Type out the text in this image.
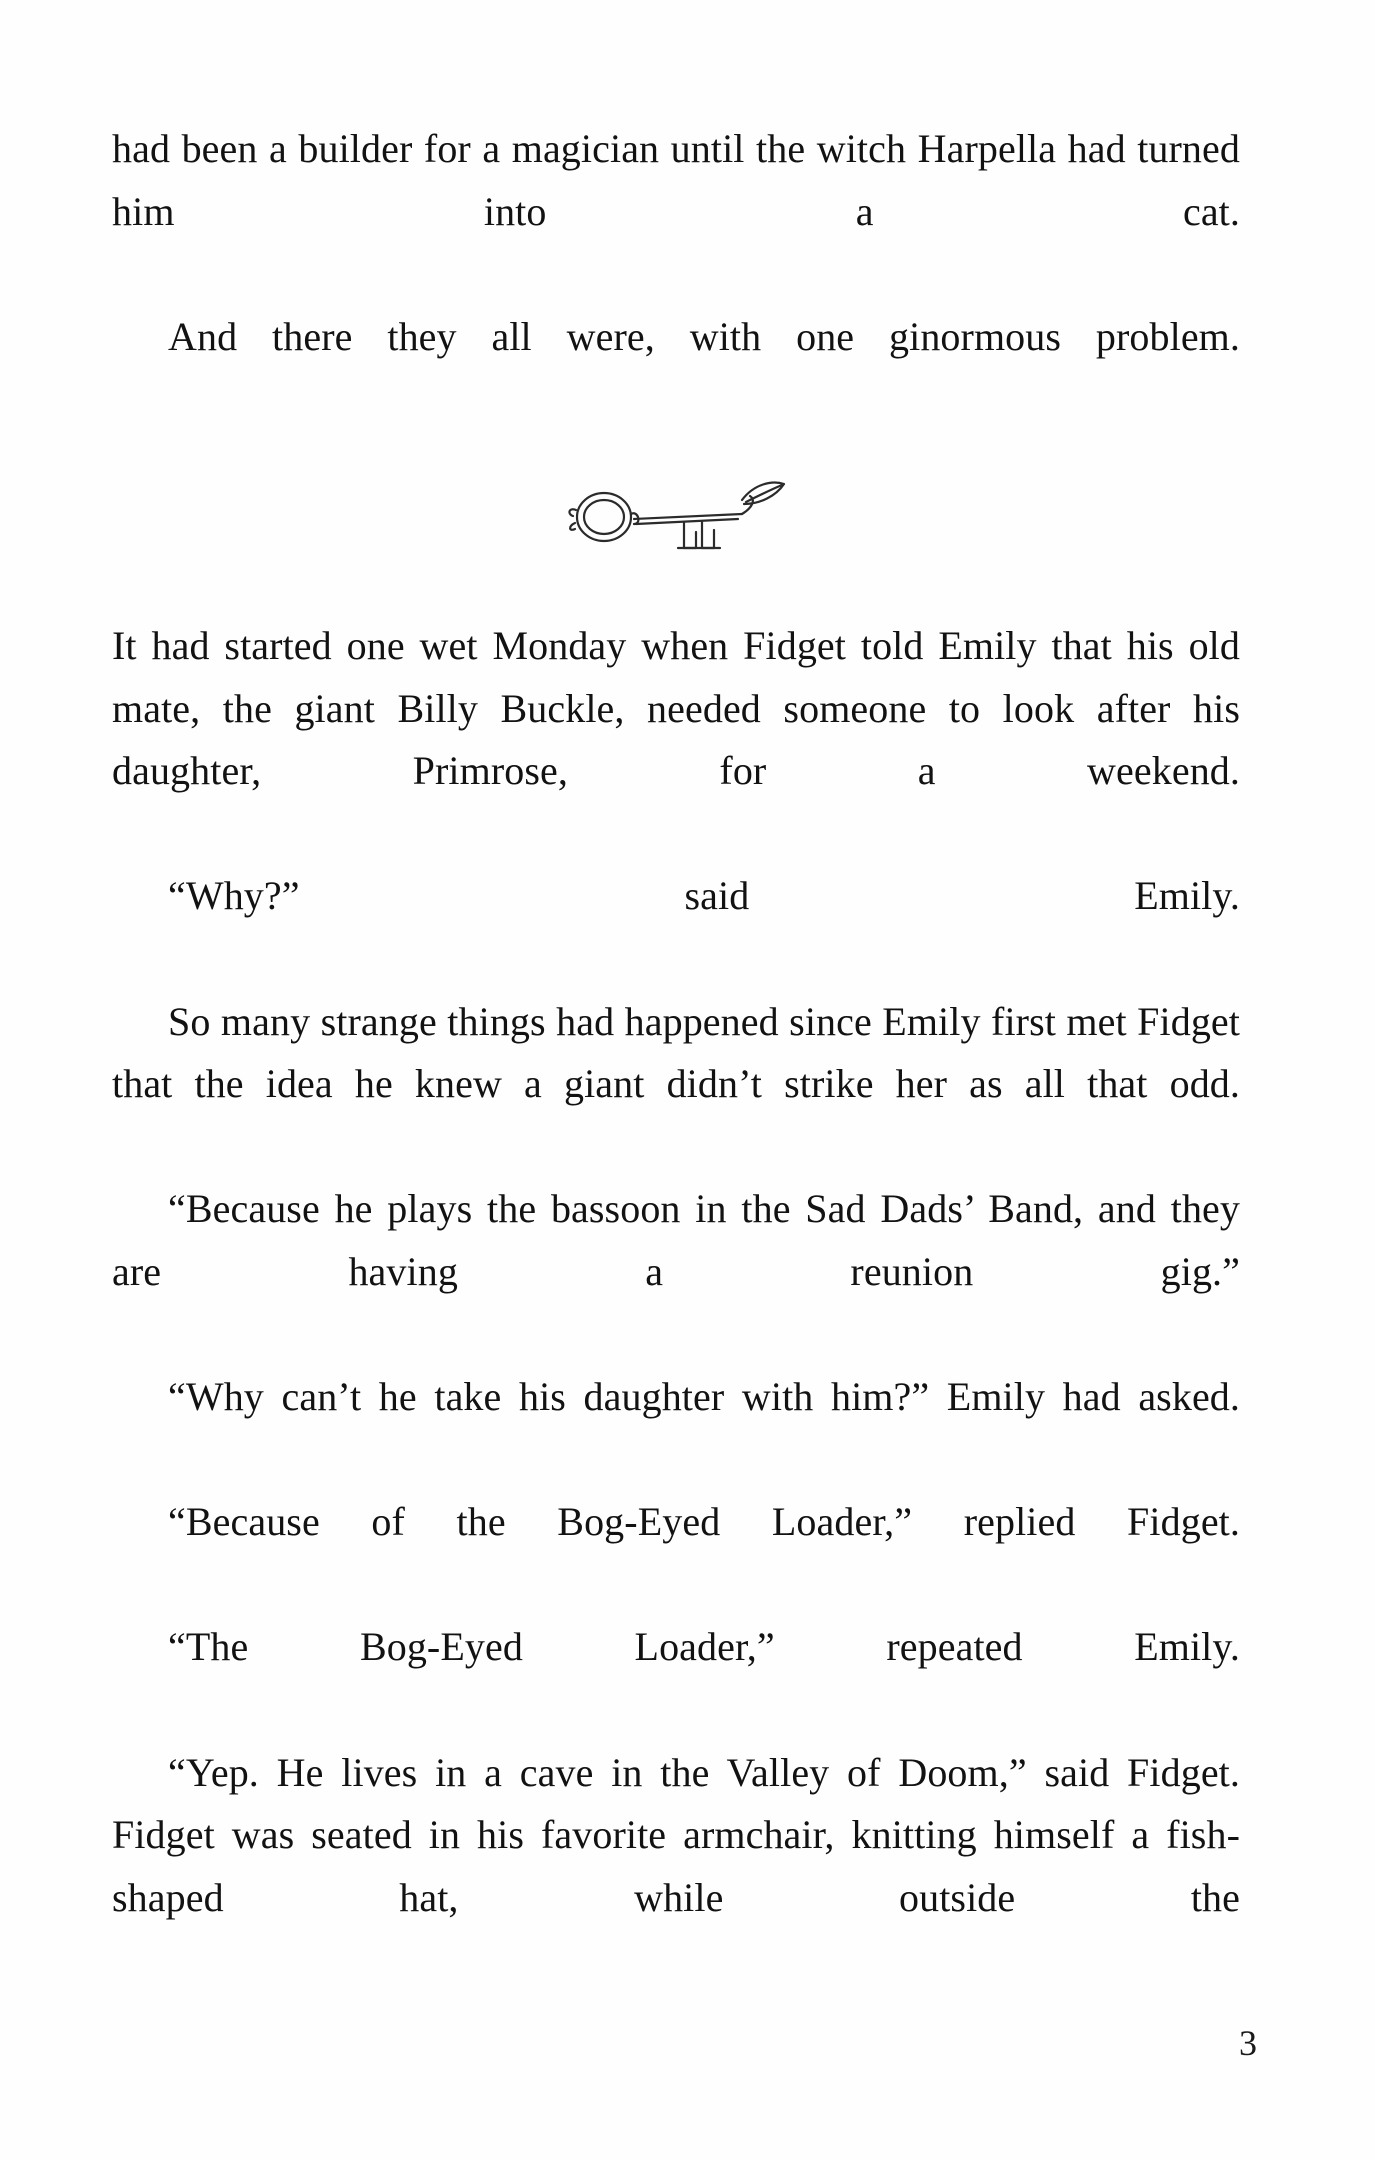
had been a builder for a magician until the witch Harpella had turned him into a cat.

And there they all were, with one ginormous problem.

It had started one wet Monday when Fidget told Emily that his old mate, the giant Billy Buckle, needed someone to look after his daughter, Primrose, for a weekend.

“Why?” said Emily.

So many strange things had happened since Emily first met Fidget that the idea he knew a giant didn’t strike her as all that odd.

“Because he plays the bassoon in the Sad Dads’ Band, and they are having a reunion gig.”

“Why can’t he take his daughter with him?” Emily had asked.

“Because of the Bog-Eyed Loader,” replied Fidget.

“The Bog-Eyed Loader,” repeated Emily.

“Yep. He lives in a cave in the Valley of Doom,” said Fidget. Fidget was seated in his favorite armchair, knitting himself a fish-shaped hat, while outside the

3
